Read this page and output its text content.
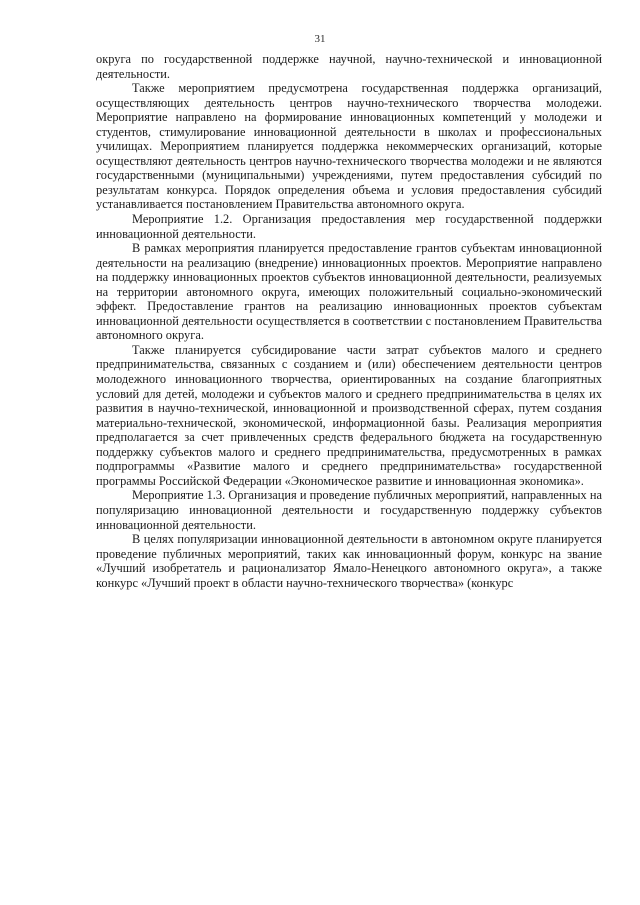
31

округа по государственной поддержке научной, научно-технической и инновационной деятельности.

Также мероприятием предусмотрена государственная поддержка организаций, осуществляющих деятельность центров научно-технического творчества молодежи. Мероприятие направлено на формирование инновационных компетенций у молодежи и студентов, стимулирование инновационной деятельности в школах и профессиональных училищах. Мероприятием планируется поддержка некоммерческих организаций, которые осуществляют деятельность центров научно-технического творчества молодежи и не являются государственными (муниципальными) учреждениями, путем предоставления субсидий по результатам конкурса. Порядок определения объема и условия предоставления субсидий устанавливается постановлением Правительства автономного округа.

Мероприятие 1.2. Организация предоставления мер государственной поддержки инновационной деятельности.

В рамках мероприятия планируется предоставление грантов субъектам инновационной деятельности на реализацию (внедрение) инновационных проектов. Мероприятие направлено на поддержку инновационных проектов субъектов инновационной деятельности, реализуемых на территории автономного округа, имеющих положительный социально-экономический эффект. Предоставление грантов на реализацию инновационных проектов субъектам инновационной деятельности осуществляется в соответствии с постановлением Правительства автономного округа.

Также планируется субсидирование части затрат субъектов малого и среднего предпринимательства, связанных с созданием и (или) обеспечением деятельности центров молодежного инновационного творчества, ориентированных на создание благоприятных условий для детей, молодежи и субъектов малого и среднего предпринимательства в целях их развития в научно-технической, инновационной и производственной сферах, путем создания материально-технической, экономической, информационной базы. Реализация мероприятия предполагается за счет привлеченных средств федерального бюджета на государственную поддержку субъектов малого и среднего предпринимательства, предусмотренных в рамках подпрограммы «Развитие малого и среднего предпринимательства» государственной программы Российской Федерации «Экономическое развитие и инновационная экономика».

Мероприятие 1.3. Организация и проведение публичных мероприятий, направленных на популяризацию инновационной деятельности и государственную поддержку субъектов инновационной деятельности.

В целях популяризации инновационной деятельности в автономном округе планируется проведение публичных мероприятий, таких как инновационный форум, конкурс на звание «Лучший изобретатель и рационализатор Ямало-Ненецкого автономного округа», а также конкурс «Лучший проект в области научно-технического творчества» (конкурс
